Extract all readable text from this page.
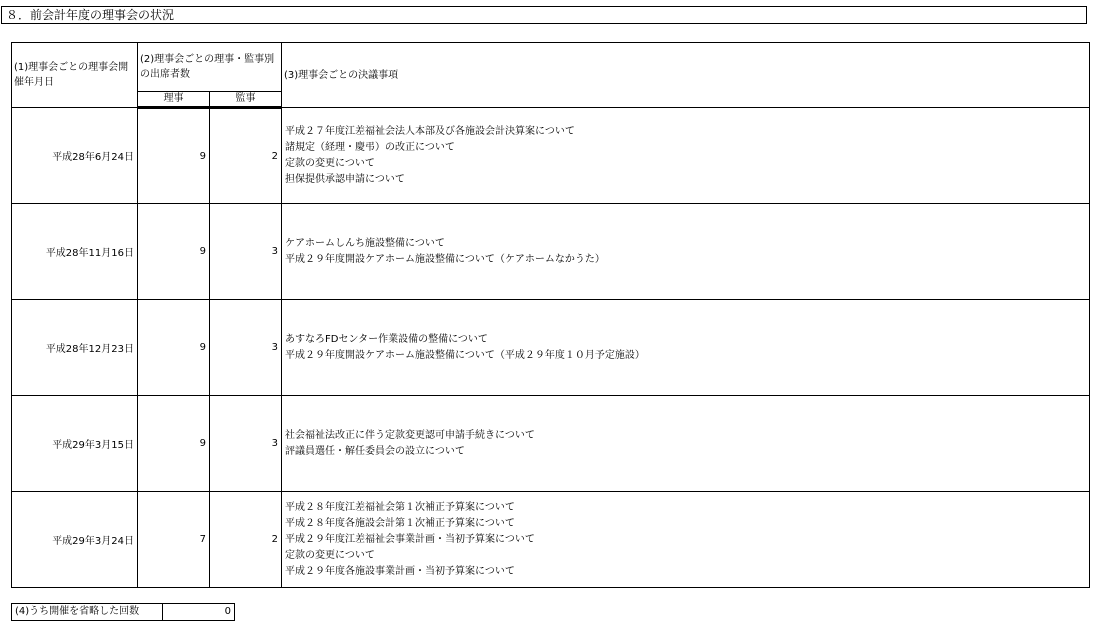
８．前会計年度の理事会の状況
(1)理事会ごとの理事会開催年月日	(2)理事会ごとの理事・監事別の出席者数		(3)理事会ごとの決議事項
	理事	監事	
平成28年6月24日	9	2	平成２７年度江差福祉会法人本部及び各施設会計決算案について
諸規定（経理・慶弔）の改正について
定款の変更について
担保提供承認申請について

平成28年11月16日	9	3	ケアホームしんち施設整備について
平成２９年度開設ケアホーム施設整備について（ケアホームなかうた）

平成28年12月23日	9	3	あすなろFDセンター作業設備の整備について
平成２９年度開設ケアホーム施設整備について（平成２９年度１０月予定施設）

平成29年3月15日	9	3	社会福祉法改正に伴う定款変更認可申請手続きについて
評議員選任・解任委員会の設立について

平成29年3月24日	7	2	平成２８年度江差福祉会第１次補正予算案について
平成２８年度各施設会計第１次補正予算案について
平成２９年度江差福祉会事業計画・当初予算案について
定款の変更について
平成２９年度各施設事業計画・当初予算案について
(4)うち開催を省略した回数	0
